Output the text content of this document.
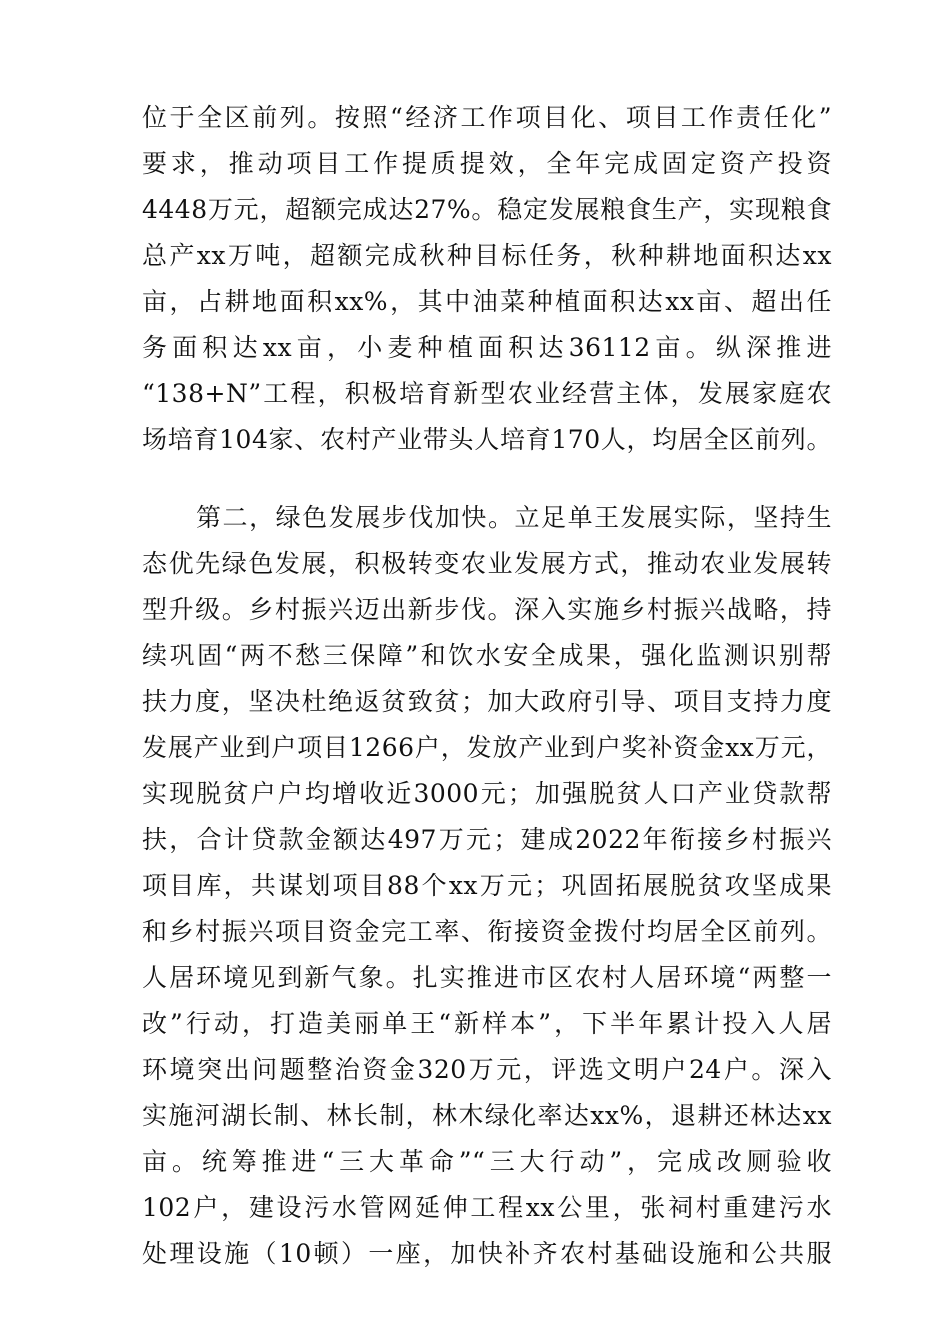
位于全区前列。按照“经济工作项目化、项目工作责任化”
要求，推动项目工作提质提效，全年完成固定资产投资
4448万元，超额完成达27%。稳定发展粮食生产，实现粮食
总产xx万吨，超额完成秋种目标任务，秋种耕地面积达xx
亩，占耕地面积xx%，其中油菜种植面积达xx亩、超出任
务面积达xx亩，小麦种植面积达36112亩。纵深推进
“138+N”工程，积极培育新型农业经营主体，发展家庭农
场培育104家、农村产业带头人培育170人，均居全区前列。
第二，绿色发展步伐加快。立足单王发展实际，坚持生
态优先绿色发展，积极转变农业发展方式，推动农业发展转
型升级。乡村振兴迈出新步伐。深入实施乡村振兴战略，持
续巩固“两不愁三保障”和饮水安全成果，强化监测识别帮
扶力度，坚决杜绝返贫致贫；加大政府引导、项目支持力度
发展产业到户项目1266户，发放产业到户奖补资金xx万元，
实现脱贫户户均增收近3000元；加强脱贫人口产业贷款帮
扶，合计贷款金额达497万元；建成2022年衔接乡村振兴
项目库，共谋划项目88个xx万元；巩固拓展脱贫攻坚成果
和乡村振兴项目资金完工率、衔接资金拨付均居全区前列。
人居环境见到新气象。扎实推进市区农村人居环境“两整一
改”行动，打造美丽单王“新样本”，下半年累计投入人居
环境突出问题整治资金320万元，评选文明户24户。深入
实施河湖长制、林长制，林木绿化率达xx%，退耕还林达xx
亩。统筹推进“三大革命”“三大行动”，完成改厕验收
102户，建设污水管网延伸工程xx公里，张祠村重建污水
处理设施（10顿）一座，加快补齐农村基础设施和公共服
